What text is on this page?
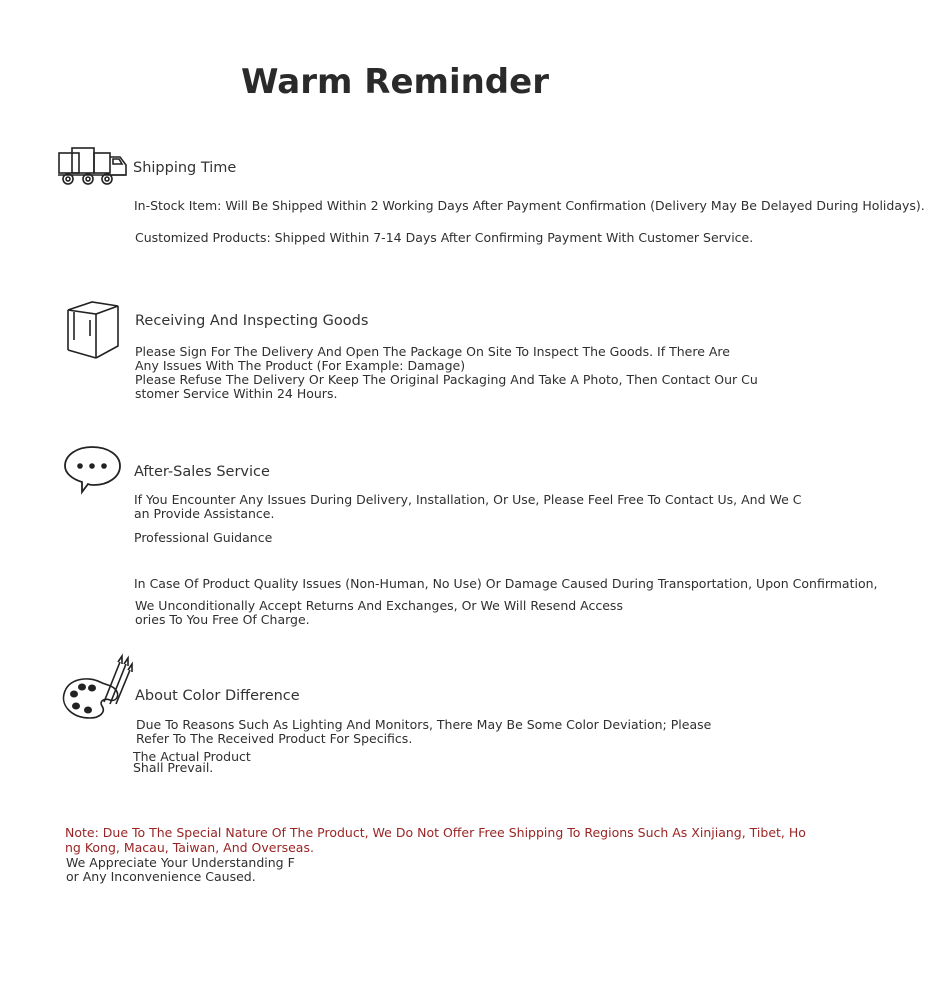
Warm Reminder
Shipping Time

In-Stock Item: Will Be Shipped Within 2 Working Days After Payment Confirmation (Delivery May Be Delayed During Holidays).

Customized Products: Shipped Within 7-14 Days After Confirming Payment With Customer Service.

Receiving And Inspecting Goods

Please Sign For The Delivery And Open The Package On Site To Inspect The Goods. If There Are Any Issues With The Product (For Example: Damage)

Please Refuse The Delivery Or Keep The Original Packaging And Take A Photo, Then Contact Our Cu

stomer Service Within 24 Hours.

After-Sales Service

If You Encounter Any Issues During Delivery, Installation, Or Use, Please Feel Free To Contact Us, And We C

an Provide Assistance.

Professional Guidance

In Case Of Product Quality Issues (Non-Human, No Use) Or Damage Caused During Transportation, Upon Confirmation,

We Unconditionally Accept Returns And Exchanges, Or We Will Resend Access

ories To You Free Of Charge.

About Color Difference

Due To Reasons Such As Lighting And Monitors, There May Be Some Color Deviation; Please Refer To The Received Product For Specifics.

The Actual Product

Shall Prevail.

Note: Due To The Special Nature Of The Product, We Do Not Offer Free Shipping To Regions Such As Xinjiang, Tibet, Ho

ng Kong, Macau, Taiwan, And Overseas.

We Appreciate Your Understanding F

or Any Inconvenience Caused.
